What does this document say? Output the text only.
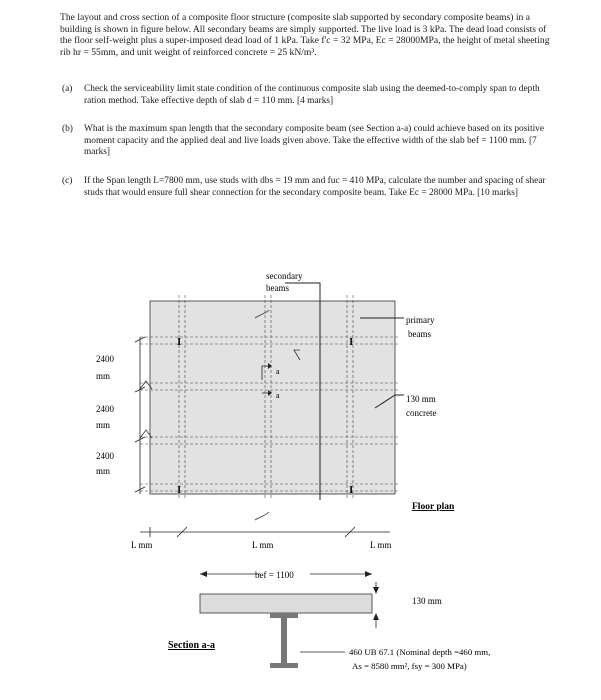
The layout and cross section of a composite floor structure (composite slab supported by secondary composite beams) in a building is shown in figure below. All secondary beams are simply supported. The live load is 3 kPa. The dead load consists of the floor self-weight plus a super-imposed dead load of 1 kPa. Take f'c = 32 MPa, Ec = 28000MPa, the height of metal sheeting rib hr = 55mm, and unit weight of reinforced concrete = 25 kN/m³.
(a) Check the serviceability limit state condition of the continuous composite slab using the deemed-to-comply span to depth ration method. Take effective depth of slab d = 110 mm. [4 marks]
(b) What is the maximum span length that the secondary composite beam (see Section a-a) could achieve based on its positive moment capacity and the applied deal and live loads given above. Take the effective width of the slab bef = 1100 mm. [7 marks]
(c) If the Span length L=7800 mm, use studs with dbs = 19 mm and fuc = 410 MPa, calculate the number and spacing of shear studs that would ensure full shear connection for the secondary composite beam. Take Ec = 28000 MPa. [10 marks]
I	I
I	I
secondary
beams
primary
beams
2400
mm
2400
mm
2400
mm
130 mm
concrete
a
a
Floor plan
L mm	L mm	L mm
bef = 1100
130 mm
Section a-a
460 UB 67.1 (Nominal depth =460 mm,
As = 8580 mm², fsy = 300 MPa)
